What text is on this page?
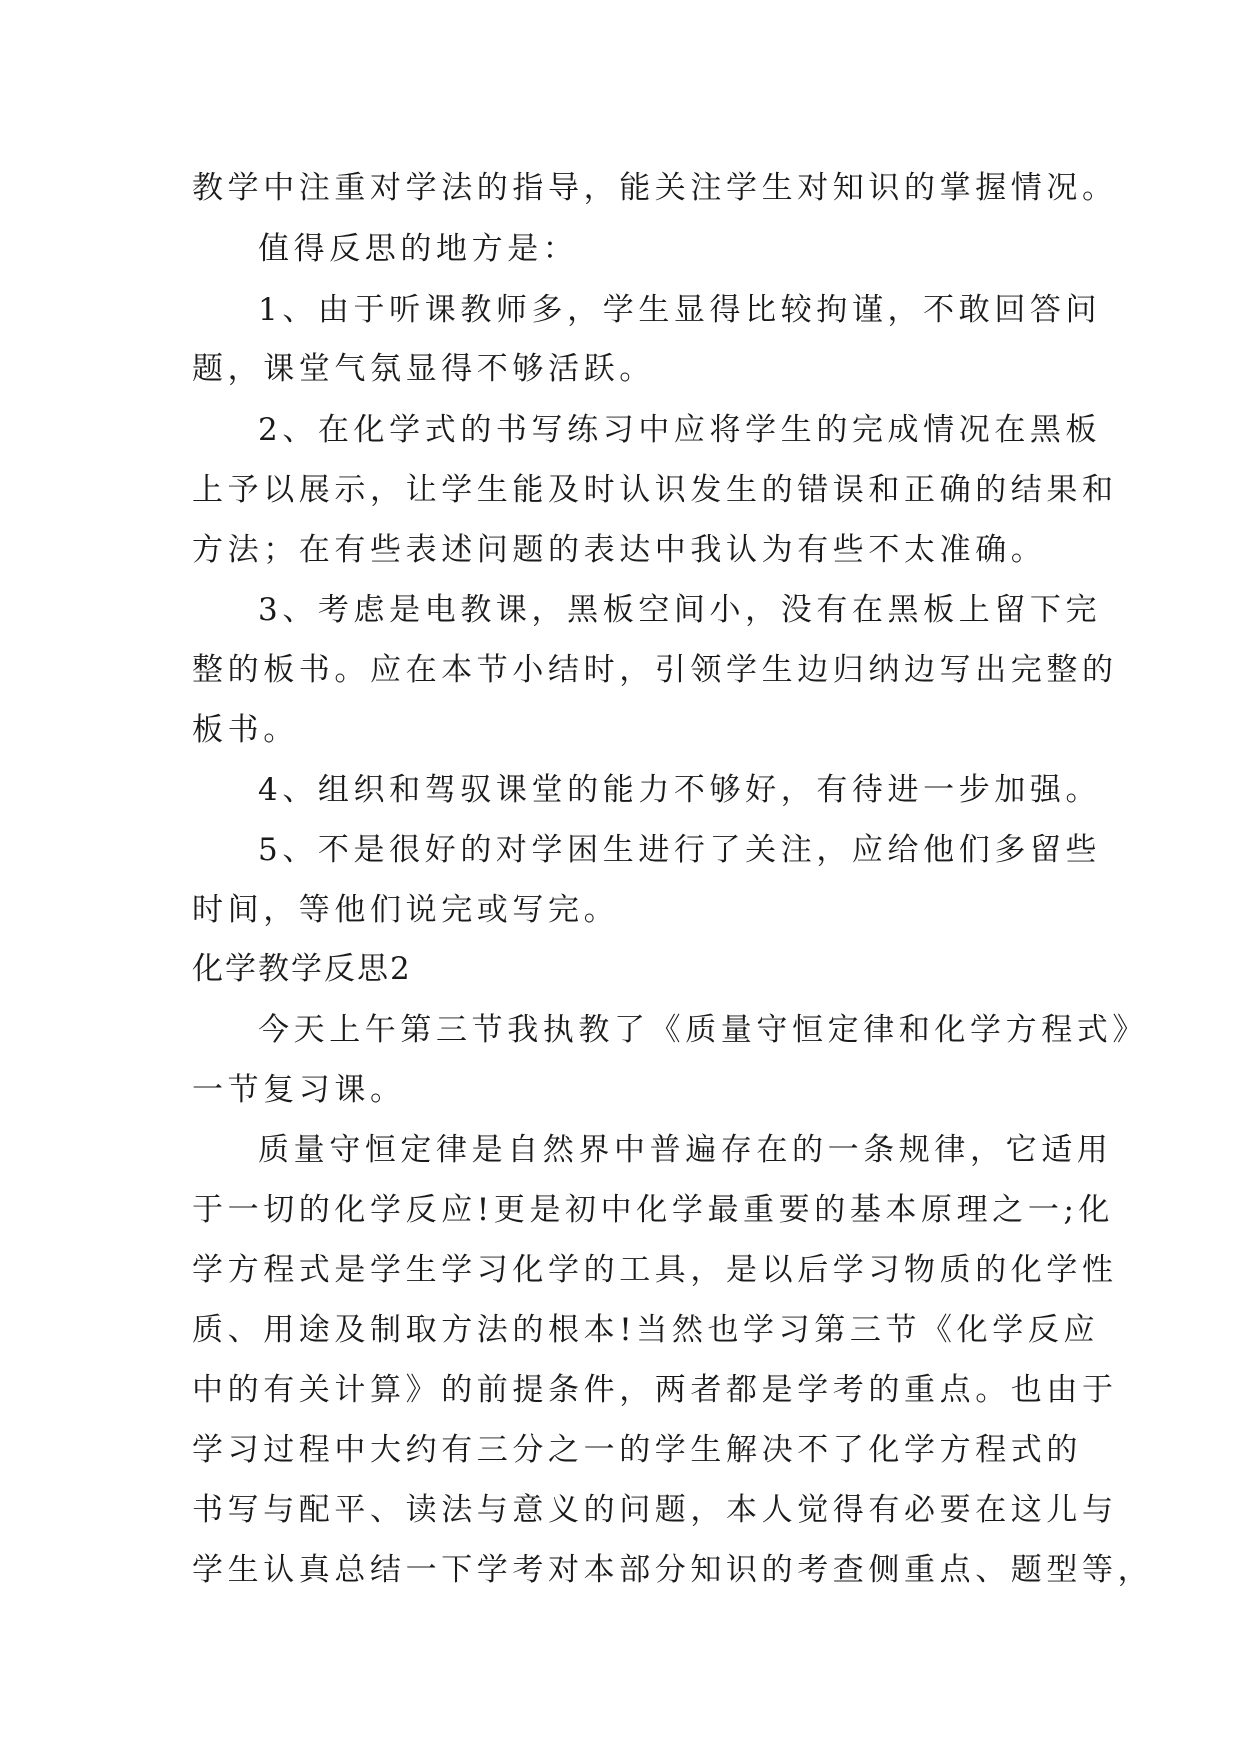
教学中注重对学法的指导，能关注学生对知识的掌握情况。
值得反思的地方是：
1、由于听课教师多，学生显得比较拘谨，不敢回答问
题，课堂气氛显得不够活跃。
2、在化学式的书写练习中应将学生的完成情况在黑板
上予以展示，让学生能及时认识发生的错误和正确的结果和
方法；在有些表述问题的表达中我认为有些不太准确。
3、考虑是电教课，黑板空间小，没有在黑板上留下完
整的板书。应在本节小结时，引领学生边归纳边写出完整的
板书。
4、组织和驾驭课堂的能力不够好，有待进一步加强。
5、不是很好的对学困生进行了关注，应给他们多留些
时间，等他们说完或写完。
化学教学反思2
今天上午第三节我执教了《质量守恒定律和化学方程式》
一节复习课。
质量守恒定律是自然界中普遍存在的一条规律，它适用
于一切的化学反应!更是初中化学最重要的基本原理之一;化
学方程式是学生学习化学的工具，是以后学习物质的化学性
质、用途及制取方法的根本!当然也学习第三节《化学反应
中的有关计算》的前提条件，两者都是学考的重点。也由于
学习过程中大约有三分之一的学生解决不了化学方程式的
书写与配平、读法与意义的问题，本人觉得有必要在这儿与
学生认真总结一下学考对本部分知识的考查侧重点、题型等，
